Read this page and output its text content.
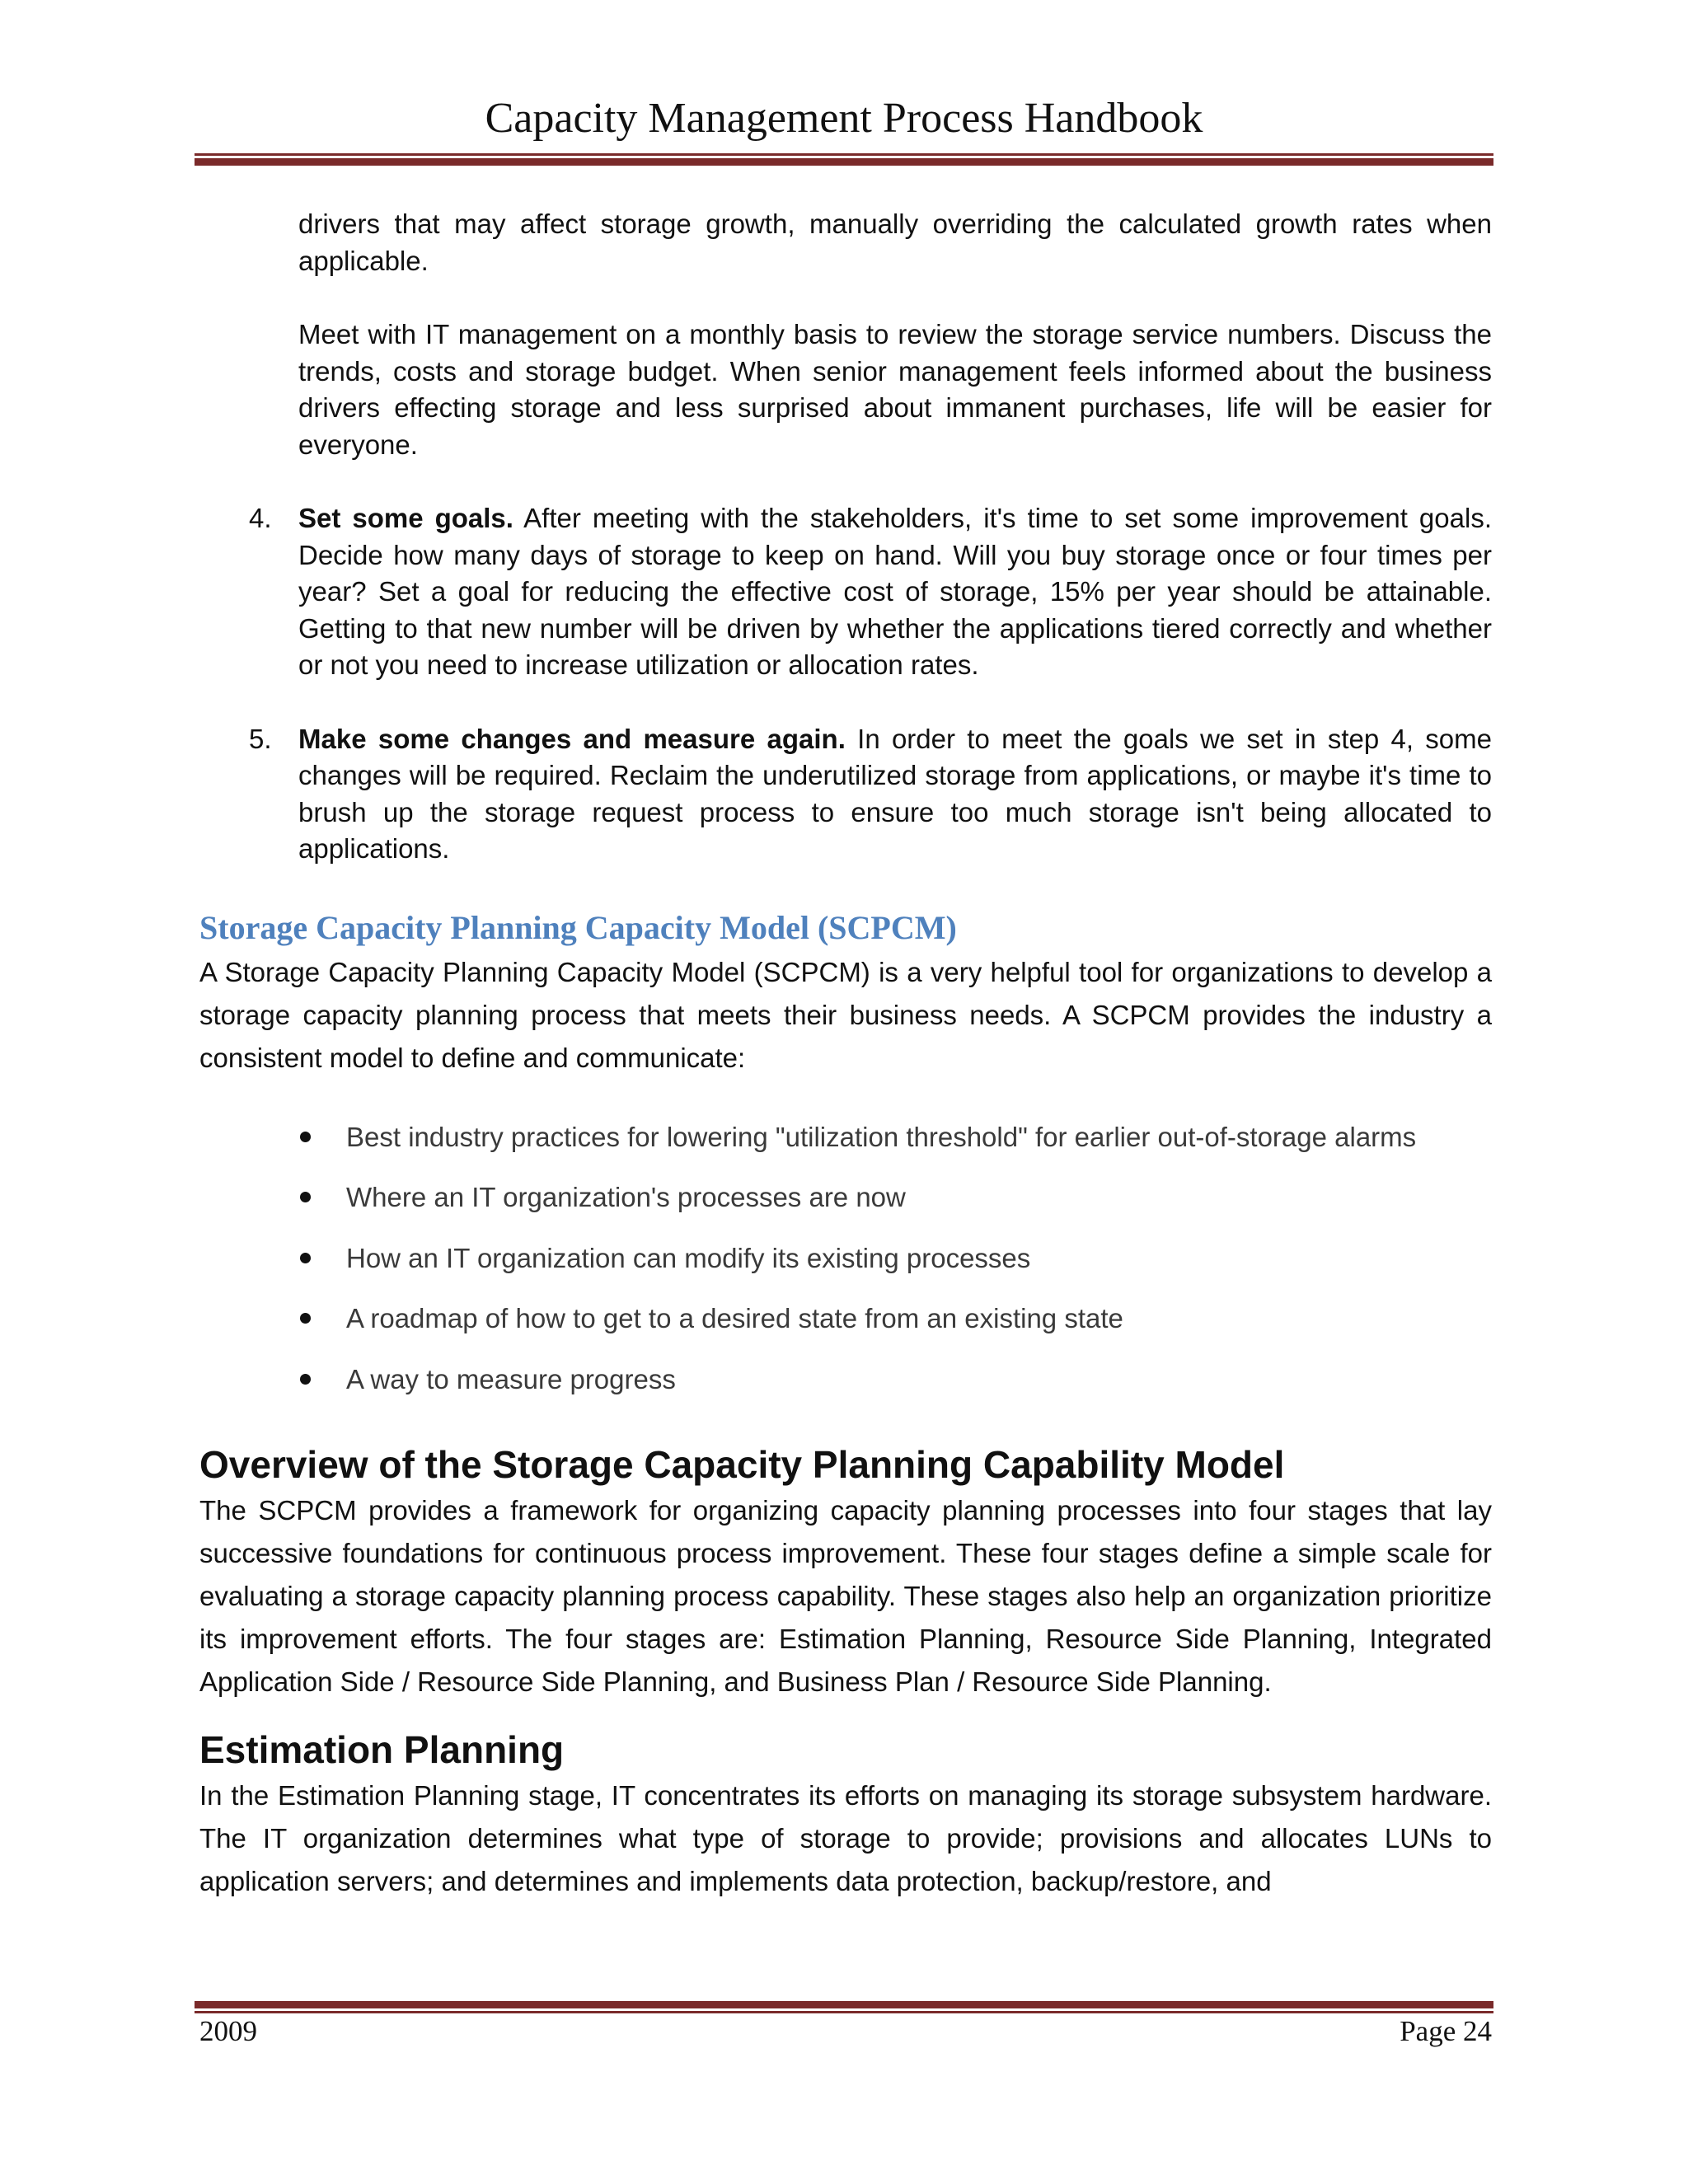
Capacity Management Process Handbook

drivers that may affect storage growth, manually overriding the calculated growth rates when applicable.

Meet with IT management on a monthly basis to review the storage service numbers. Discuss the trends, costs and storage budget. When senior management feels informed about the business drivers effecting storage and less surprised about immanent purchases, life will be easier for everyone.

4. Set some goals. After meeting with the stakeholders, it's time to set some improvement goals. Decide how many days of storage to keep on hand. Will you buy storage once or four times per year? Set a goal for reducing the effective cost of storage, 15% per year should be attainable. Getting to that new number will be driven by whether the applications tiered correctly and whether or not you need to increase utilization or allocation rates.
5. Make some changes and measure again. In order to meet the goals we set in step 4, some changes will be required. Reclaim the underutilized storage from applications, or maybe it's time to brush up the storage request process to ensure too much storage isn't being allocated to applications.
Storage Capacity Planning Capacity Model (SCPCM)

A Storage Capacity Planning Capacity Model (SCPCM) is a very helpful tool for organizations to develop a storage capacity planning process that meets their business needs. A SCPCM provides the industry a consistent model to define and communicate:

Best industry practices for lowering "utilization threshold" for earlier out-of-storage alarms
Where an IT organization's processes are now
How an IT organization can modify its existing processes
A roadmap of how to get to a desired state from an existing state
A way to measure progress
Overview of the Storage Capacity Planning Capability Model

The SCPCM provides a framework for organizing capacity planning processes into four stages that lay successive foundations for continuous process improvement. These four stages define a simple scale for evaluating a storage capacity planning process capability. These stages also help an organization prioritize its improvement efforts. The four stages are: Estimation Planning, Resource Side Planning, Integrated Application Side / Resource Side Planning, and Business Plan / Resource Side Planning.

Estimation Planning

In the Estimation Planning stage, IT concentrates its efforts on managing its storage subsystem hardware. The IT organization determines what type of storage to provide; provisions and allocates LUNs to application servers; and determines and implements data protection, backup/restore, and

2009	Page 24
